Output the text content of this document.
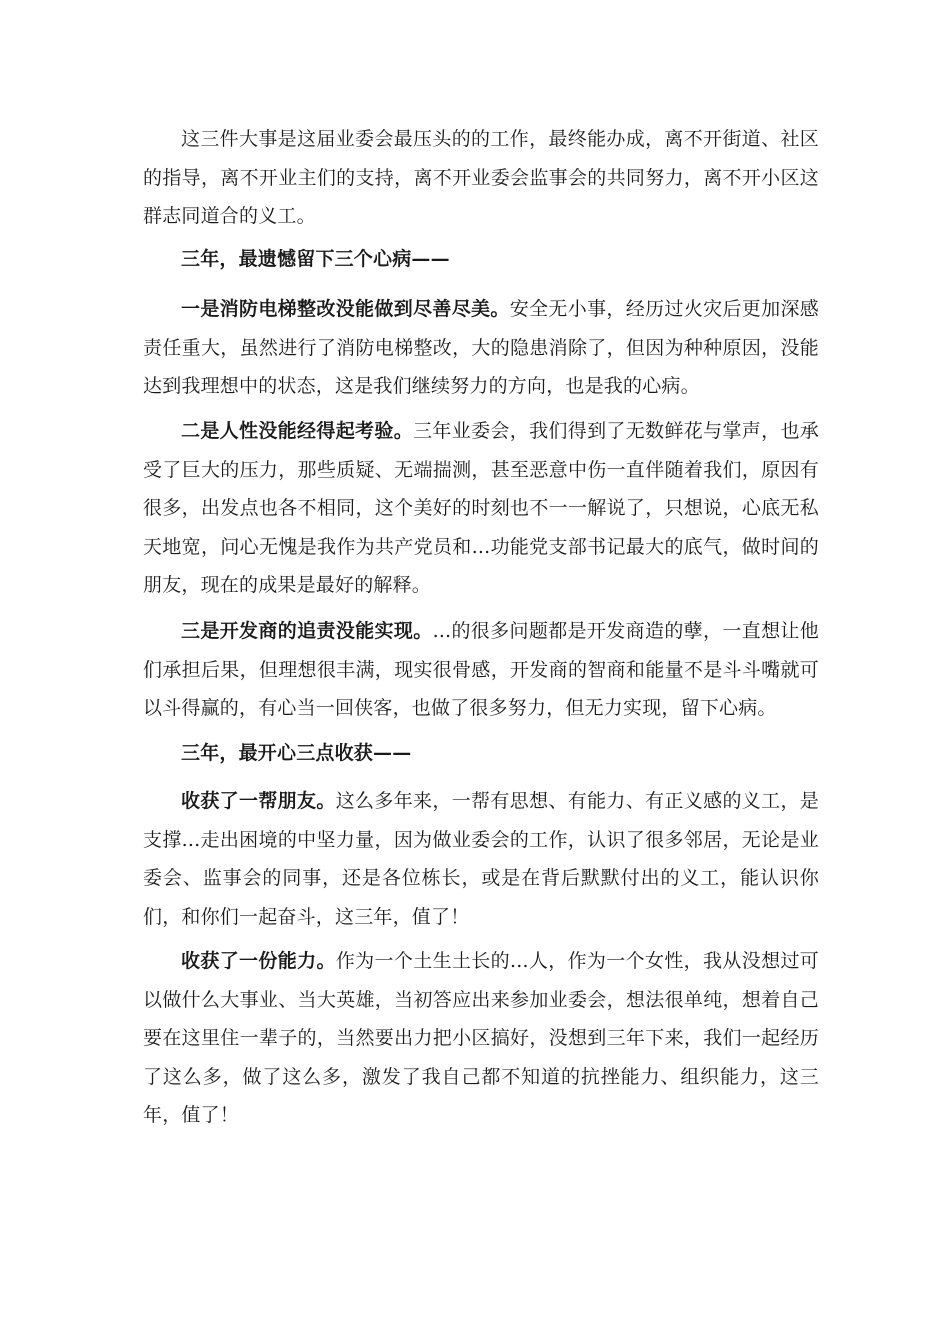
这三件大事是这届业委会最压头的的工作，最终能办成，离不开街道、社区的指导，离不开业主们的支持，离不开业委会监事会的共同努力，离不开小区这群志同道合的义工。

三年，最遗憾留下三个心病——

一是消防电梯整改没能做到尽善尽美。安全无小事，经历过火灾后更加深感责任重大，虽然进行了消防电梯整改，大的隐患消除了，但因为种种原因，没能达到我理想中的状态，这是我们继续努力的方向，也是我的心病。

二是人性没能经得起考验。三年业委会，我们得到了无数鲜花与掌声，也承受了巨大的压力，那些质疑、无端揣测，甚至恶意中伤一直伴随着我们，原因有很多，出发点也各不相同，这个美好的时刻也不一一解说了，只想说，心底无私天地宽，问心无愧是我作为共产党员和...功能党支部书记最大的底气，做时间的朋友，现在的成果是最好的解释。

三是开发商的追责没能实现。...的很多问题都是开发商造的孽，一直想让他们承担后果，但理想很丰满，现实很骨感，开发商的智商和能量不是斗斗嘴就可以斗得赢的，有心当一回侠客，也做了很多努力，但无力实现，留下心病。

三年，最开心三点收获——

收获了一帮朋友。这么多年来，一帮有思想、有能力、有正义感的义工，是支撑...走出困境的中坚力量，因为做业委会的工作，认识了很多邻居，无论是业委会、监事会的同事，还是各位栋长，或是在背后默默付出的义工，能认识你们，和你们一起奋斗，这三年，值了！

收获了一份能力。作为一个土生土长的...人，作为一个女性，我从没想过可以做什么大事业、当大英雄，当初答应出来参加业委会，想法很单纯，想着自己要在这里住一辈子的，当然要出力把小区搞好，没想到三年下来，我们一起经历了这么多，做了这么多，激发了我自己都不知道的抗挫能力、组织能力，这三年，值了！
